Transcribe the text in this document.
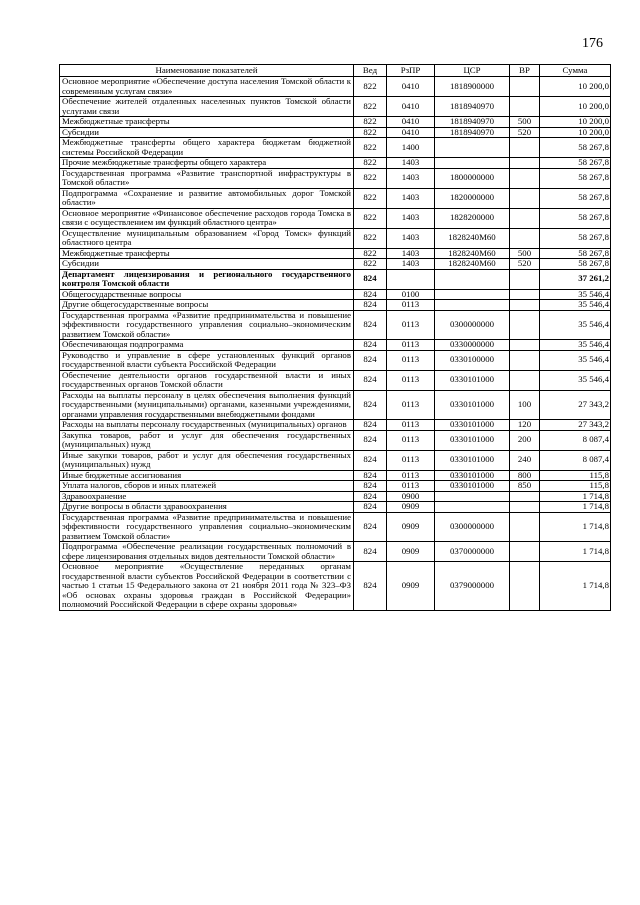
176
Наименование показателей	Вед	РзПР	ЦСР	ВР	Сумма
Основное мероприятие «Обеспечение доступа населения Томской области к современным услугам связи»	822	0410	1818900000		10 200,0
Обеспечение жителей отдаленных населенных пунктов Томской области услугами связи	822	0410	1818940970		10 200,0
Межбюджетные трансферты	822	0410	1818940970	500	10 200,0
Субсидии	822	0410	1818940970	520	10 200,0
Межбюджетные трансферты общего характера бюджетам бюджетной системы Российской Федерации	822	1400			58 267,8
Прочие межбюджетные трансферты общего характера	822	1403			58 267,8
Государственная программа «Развитие транспортной инфраструктуры в Томской области»	822	1403	1800000000		58 267,8
Подпрограмма «Сохранение и развитие автомобильных дорог Томской области»	822	1403	1820000000		58 267,8
Основное мероприятие «Финансовое обеспечение расходов города Томска в связи с осуществлением им функций областного центра»	822	1403	1828200000		58 267,8
Осуществление муниципальным образованием «Город Томск» функций областного центра	822	1403	1828240М60		58 267,8
Межбюджетные трансферты	822	1403	1828240М60	500	58 267,8
Субсидии	822	1403	1828240М60	520	58 267,8
Департамент лицензирования и регионального государственного контроля Томской области	824				37 261,2
Общегосударственные вопросы	824	0100			35 546,4
Другие общегосударственные вопросы	824	0113			35 546,4
Государственная программа «Развитие предпринимательства и повышение эффективности государственного управления социально–экономическим развитием Томской области»	824	0113	0300000000		35 546,4
Обеспечивающая подпрограмма	824	0113	0330000000		35 546,4
Руководство и управление в сфере установленных функций органов государственной власти субъекта Российской Федерации	824	0113	0330100000		35 546,4
Обеспечение деятельности органов государственной власти и иных государственных органов Томской области	824	0113	0330101000		35 546,4
Расходы на выплаты персоналу в целях обеспечения выполнения функций государственными (муниципальными) органами, казенными учреждениями, органами управления государственными внебюджетными фондами	824	0113	0330101000	100	27 343,2
Расходы на выплаты персоналу государственных (муниципальных) органов	824	0113	0330101000	120	27 343,2
Закупка товаров, работ и услуг для обеспечения государственных (муниципальных) нужд	824	0113	0330101000	200	8 087,4
Иные закупки товаров, работ и услуг для обеспечения государственных (муниципальных) нужд	824	0113	0330101000	240	8 087,4
Иные бюджетные ассигнования	824	0113	0330101000	800	115,8
Уплата налогов, сборов и иных платежей	824	0113	0330101000	850	115,8
Здравоохранение	824	0900			1 714,8
Другие вопросы в области здравоохранения	824	0909			1 714,8
Государственная программа «Развитие предпринимательства и повышение эффективности государственного управления социально–экономическим развитием Томской области»	824	0909	0300000000		1 714,8
Подпрограмма «Обеспечение реализации государственных полномочий в сфере лицензирования отдельных видов деятельности Томской области»	824	0909	0370000000		1 714,8
Основное мероприятие «Осуществление переданных органам государственной власти субъектов Российской Федерации в соответствии с частью 1 статьи 15 Федерального закона от 21 ноября 2011 года № 323–ФЗ «Об основах охраны здоровья граждан в Российской Федерации» полномочий Российской Федерации в сфере охраны здоровья»	824	0909	0379000000		1 714,8
